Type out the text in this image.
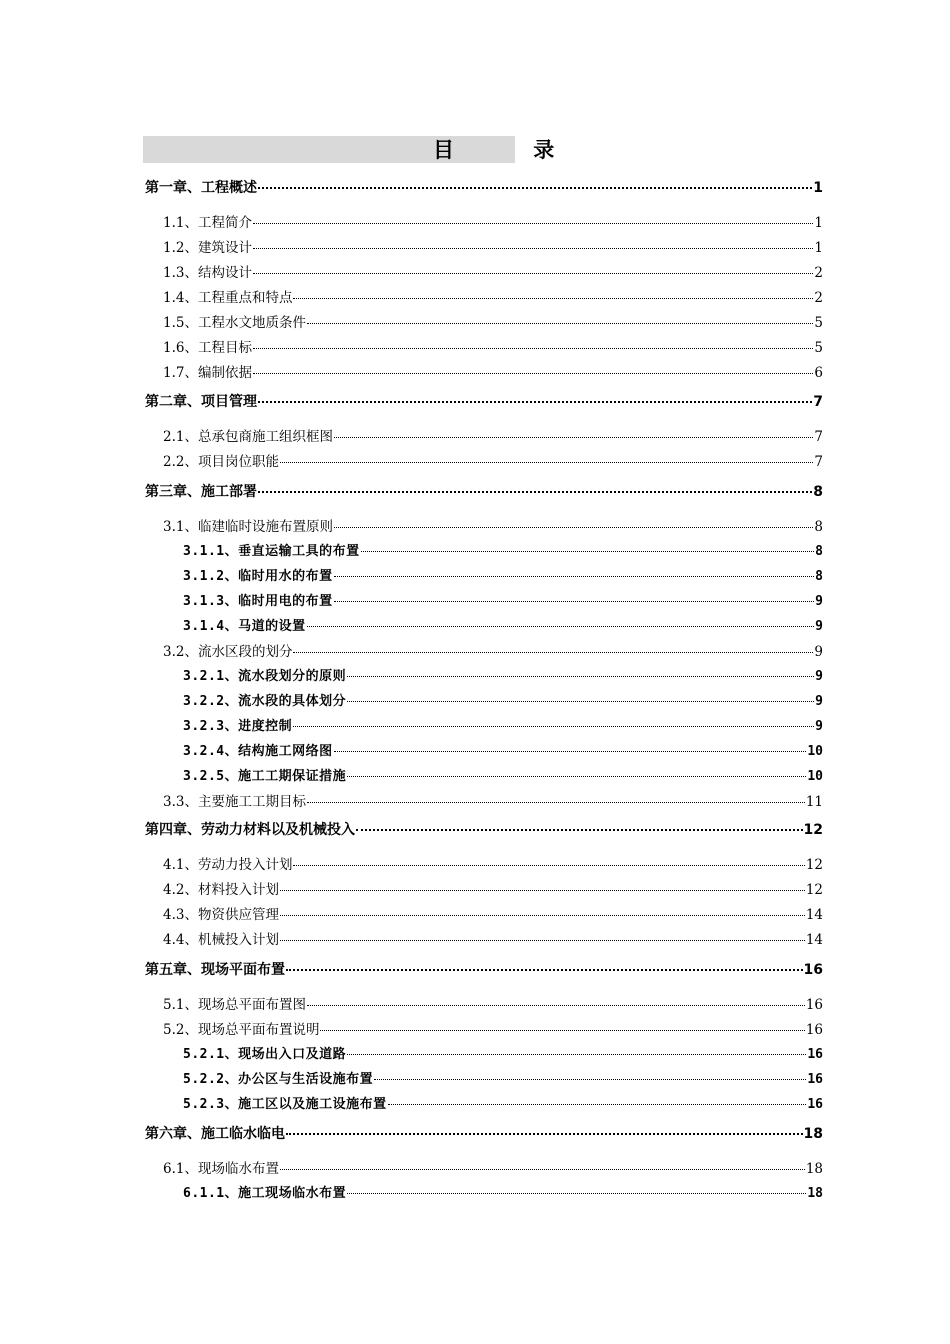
目 录
第一章、工程概述	1
1.1、工程简介	1
1.2、建筑设计	1
1.3、结构设计	2
1.4、工程重点和特点	2
1.5、工程水文地质条件	5
1.6、工程目标	5
1.7、编制依据	6
第二章、项目管理	7
2.1、总承包商施工组织框图	7
2.2、项目岗位职能	7
第三章、施工部署	8
3.1、临建临时设施布置原则	8
3.1.1、垂直运输工具的布置	8
3.1.2、临时用水的布置	8
3.1.3、临时用电的布置	9
3.1.4、马道的设置	9
3.2、流水区段的划分	9
3.2.1、流水段划分的原则	9
3.2.2、流水段的具体划分	9
3.2.3、进度控制	9
3.2.4、结构施工网络图	10
3.2.5、施工工期保证措施	10
3.3、主要施工工期目标	11
第四章、劳动力材料以及机械投入	12
4.1、劳动力投入计划	12
4.2、材料投入计划	12
4.3、物资供应管理	14
4.4、机械投入计划	14
第五章、现场平面布置	16
5.1、现场总平面布置图	16
5.2、现场总平面布置说明	16
5.2.1、现场出入口及道路	16
5.2.2、办公区与生活设施布置	16
5.2.3、施工区以及施工设施布置	16
第六章、施工临水临电	18
6.1、现场临水布置	18
6.1.1、施工现场临水布置	18
